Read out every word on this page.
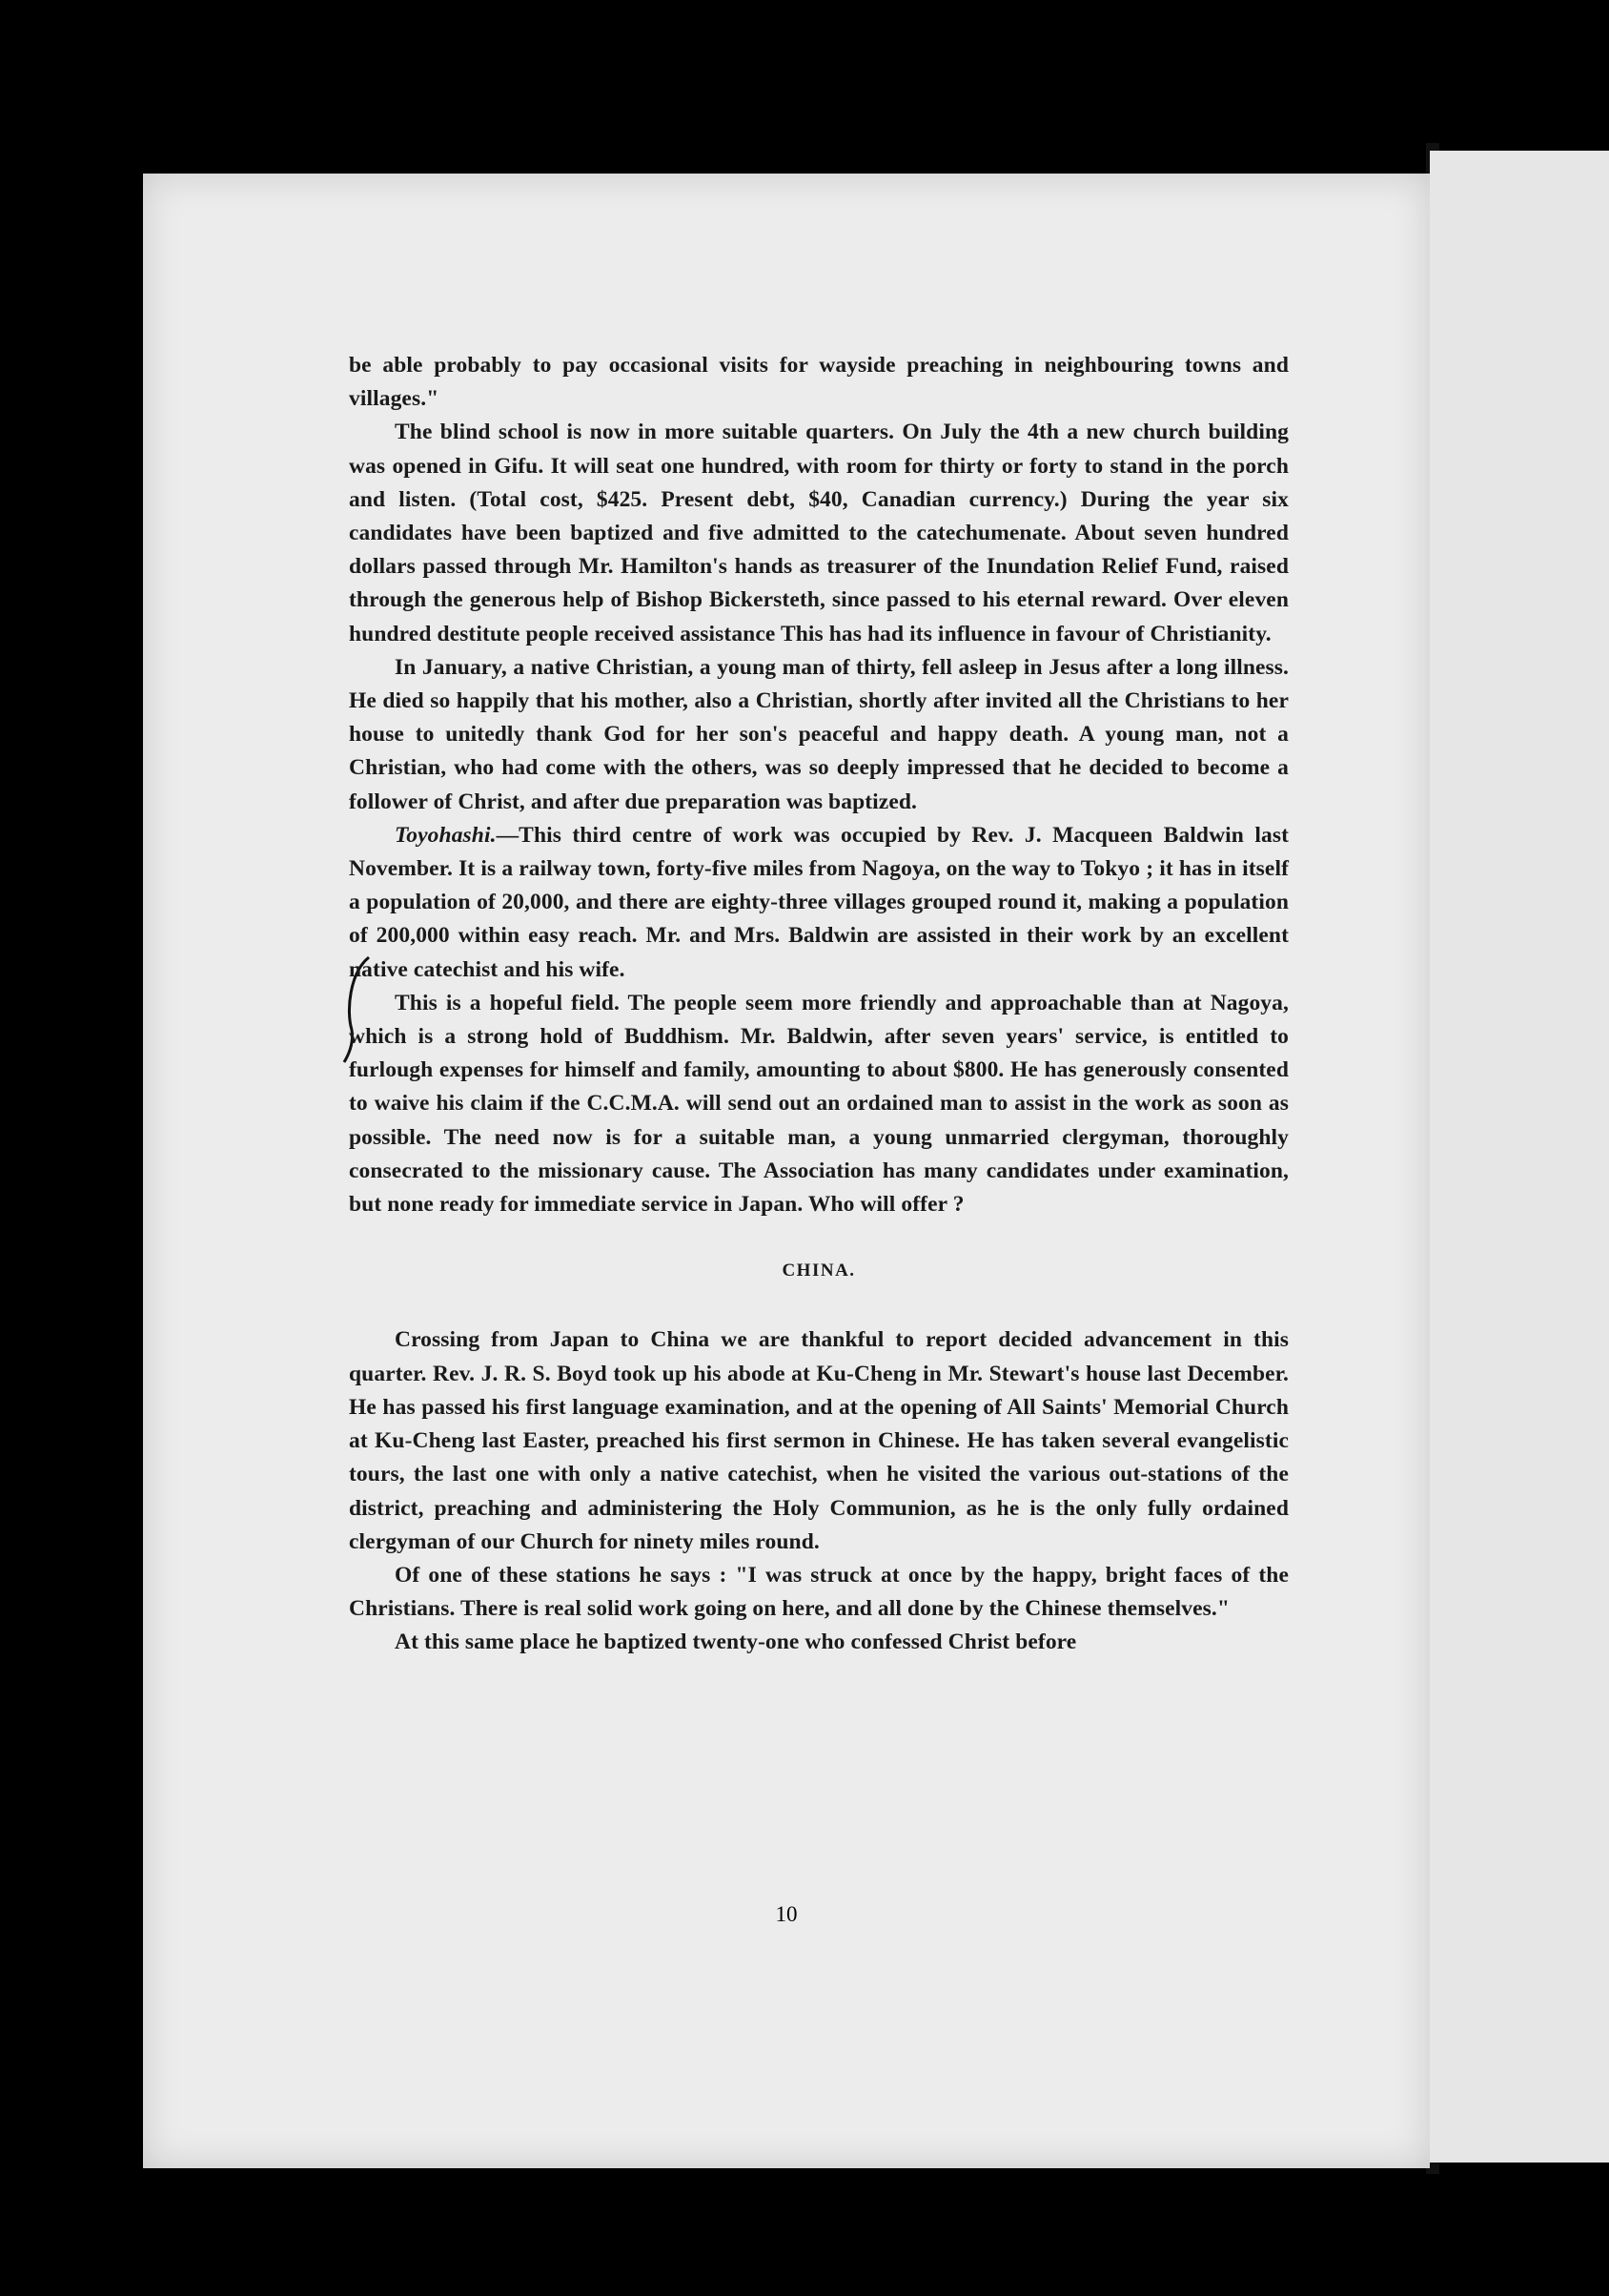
10

be able probably to pay occasional visits for wayside preaching in neighbouring towns and villages."

The blind school is now in more suitable quarters. On July the 4th a new church building was opened in Gifu. It will seat one hundred, with room for thirty or forty to stand in the porch and listen. (Total cost, $425. Present debt, $40, Canadian currency.) During the year six candidates have been baptized and five admitted to the catechumenate. About seven hundred dollars passed through Mr. Hamilton's hands as treasurer of the Inundation Relief Fund, raised through the generous help of Bishop Bickersteth, since passed to his eternal reward. Over eleven hundred destitute people received assistance This has had its influence in favour of Christianity.

In January, a native Christian, a young man of thirty, fell asleep in Jesus after a long illness. He died so happily that his mother, also a Christian, shortly after invited all the Christians to her house to unitedly thank God for her son's peaceful and happy death. A young man, not a Christian, who had come with the others, was so deeply impressed that he decided to become a follower of Christ, and after due preparation was baptized.

Toyohashi.—This third centre of work was occupied by Rev. J. Macqueen Baldwin last November. It is a railway town, forty-five miles from Nagoya, on the way to Tokyo ; it has in itself a population of 20,000, and there are eighty-three villages grouped round it, making a population of 200,000 within easy reach. Mr. and Mrs. Baldwin are assisted in their work by an excellent native catechist and his wife.

This is a hopeful field. The people seem more friendly and approachable than at Nagoya, which is a strong hold of Buddhism. Mr. Baldwin, after seven years' service, is entitled to furlough expenses for himself and family, amounting to about $800. He has generously consented to waive his claim if the C.C.M.A. will send out an ordained man to assist in the work as soon as possible. The need now is for a suitable man, a young unmarried clergyman, thoroughly consecrated to the missionary cause. The Association has many candidates under examination, but none ready for immediate service in Japan. Who will offer ?

CHINA.

Crossing from Japan to China we are thankful to report decided advancement in this quarter. Rev. J. R. S. Boyd took up his abode at Ku-Cheng in Mr. Stewart's house last December. He has passed his first language examination, and at the opening of All Saints' Memorial Church at Ku-Cheng last Easter, preached his first sermon in Chinese. He has taken several evangelistic tours, the last one with only a native catechist, when he visited the various out-stations of the district, preaching and administering the Holy Communion, as he is the only fully ordained clergyman of our Church for ninety miles round.

Of one of these stations he says : "I was struck at once by the happy, bright faces of the Christians. There is real solid work going on here, and all done by the Chinese themselves."

At this same place he baptized twenty-one who confessed Christ before
